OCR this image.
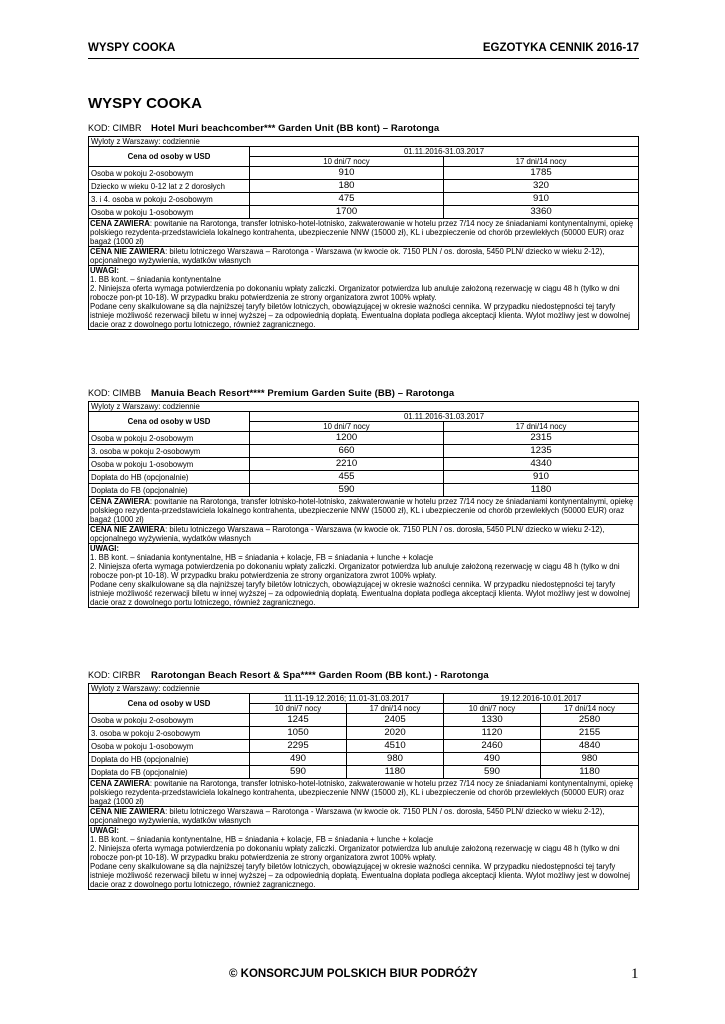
WYSPY COOKA	EGZOTYKA CENNIK 2016-17
WYSPY COOKA
KOD: CIMBR Hotel Muri beachcomber*** Garden Unit (BB kont) – Rarotonga
Wyloty z Warszawy: codziennie		
Cena od osoby w USD	01.11.2016-31.03.2017	
	10 dni/7 nocy	17 dni/14 nocy
Osoba w pokoju 2-osobowym	910	1785
Dziecko w wieku 0-12 lat z 2 dorosłych	180	320
3. i 4. osoba w pokoju 2-osobowym	475	910
Osoba w pokoju 1-osobowym	1700	3360
CENA ZAWIERA: powitanie na Rarotonga, transfer lotnisko-hotel-lotnisko, zakwaterowanie w hotelu przez 7/14 nocy ze śniadaniami kontynentalnymi, opiekę polskiego rezydenta-przedstawiciela lokalnego kontrahenta, ubezpieczenie NNW (15000 zł), KL i ubezpieczenie od chorób przewlekłych (50000 EUR) oraz bagaż (1000 zł)		
CENA NIE ZAWIERA: biletu lotniczego Warszawa – Rarotonga - Warszawa (w kwocie ok. 7150 PLN / os. dorosła, 5450 PLN/ dziecko w wieku 2-12), opcjonalnego wyżywienia, wydatków własnych		
UWAGI:
1. BB kont. – śniadania kontynentalne
2. Niniejsza oferta wymaga potwierdzenia po dokonaniu wpłaty zaliczki. Organizator potwierdza lub anuluje założoną rezerwację w ciągu 48 h (tylko w dni robocze pon-pt 10-18). W przypadku braku potwierdzenia ze strony organizatora zwrot 100% wpłaty.
Podane ceny skalkulowane są dla najniższej taryfy biletów lotniczych, obowiązującej w okresie ważności cennika. W przypadku niedostępności tej taryfy istnieje możliwość rezerwacji biletu w innej wyższej – za odpowiednią dopłatą. Ewentualna dopłata podlega akceptacji klienta. Wylot możliwy jest w dowolnej dacie oraz z dowolnego portu lotniczego, również zagranicznego.		
KOD: CIMBB Manuia Beach Resort**** Premium Garden Suite (BB) – Rarotonga
Wyloty z Warszawy: codziennie		
Cena od osoby w USD	01.11.2016-31.03.2017	
	10 dni/7 nocy	17 dni/14 nocy
Osoba w pokoju 2-osobowym	1200	2315
3. osoba w pokoju 2-osobowym	660	1235
Osoba w pokoju 1-osobowym	2210	4340
Dopłata do HB (opcjonalnie)	455	910
Dopłata do FB (opcjonalnie)	590	1180
CENA ZAWIERA: powitanie na Rarotonga, transfer lotnisko-hotel-lotnisko, zakwaterowanie w hotelu przez 7/14 nocy ze śniadaniami kontynentalnymi, opiekę polskiego rezydenta-przedstawiciela lokalnego kontrahenta, ubezpieczenie NNW (15000 zł), KL i ubezpieczenie od chorób przewlekłych (50000 EUR) oraz bagaż (1000 zł)		
CENA NIE ZAWIERA: biletu lotniczego Warszawa – Rarotonga - Warszawa (w kwocie ok. 7150 PLN / os. dorosła, 5450 PLN/ dziecko w wieku 2-12), opcjonalnego wyżywienia, wydatków własnych		
UWAGI:
1. BB kont. – śniadania kontynentalne, HB = śniadania + kolacje, FB = śniadania + lunche + kolacje
2. Niniejsza oferta wymaga potwierdzenia po dokonaniu wpłaty zaliczki. Organizator potwierdza lub anuluje założoną rezerwację w ciągu 48 h (tylko w dni robocze pon-pt 10-18). W przypadku braku potwierdzenia ze strony organizatora zwrot 100% wpłaty.
Podane ceny skalkulowane są dla najniższej taryfy biletów lotniczych, obowiązującej w okresie ważności cennika. W przypadku niedostępności tej taryfy istnieje możliwość rezerwacji biletu w innej wyższej – za odpowiednią dopłatą. Ewentualna dopłata podlega akceptacji klienta. Wylot możliwy jest w dowolnej dacie oraz z dowolnego portu lotniczego, również zagranicznego.		
KOD: CIRBR Rarotongan Beach Resort & Spa**** Garden Room (BB kont.) - Rarotonga
Wyloty z Warszawy: codziennie				
Cena od osoby w USD	11.11-19.12.2016; 11.01-31.03.2017		19.12.2016-10.01.2017	
	10 dni/7 nocy	17 dni/14 nocy	10 dni/7 nocy	17 dni/14 nocy
Osoba w pokoju 2-osobowym	1245	2405	1330	2580
3. osoba w pokoju 2-osobowym	1050	2020	1120	2155
Osoba w pokoju 1-osobowym	2295	4510	2460	4840
Dopłata do HB (opcjonalnie)	490	980	490	980
Dopłata do FB (opcjonalnie)	590	1180	590	1180
CENA ZAWIERA: powitanie na Rarotonga, transfer lotnisko-hotel-lotnisko, zakwaterowanie w hotelu przez 7/14 nocy ze śniadaniami kontynentalnymi, opiekę polskiego rezydenta-przedstawiciela lokalnego kontrahenta, ubezpieczenie NNW (15000 zł), KL i ubezpieczenie od chorób przewlekłych (50000 EUR) oraz bagaż (1000 zł)				
CENA NIE ZAWIERA: biletu lotniczego Warszawa – Rarotonga - Warszawa (w kwocie ok. 7150 PLN / os. dorosła, 5450 PLN/ dziecko w wieku 2-12), opcjonalnego wyżywienia, wydatków własnych				
UWAGI:
1. BB kont. – śniadania kontynentalne, HB = śniadania + kolacje, FB = śniadania + lunche + kolacje
2. Niniejsza oferta wymaga potwierdzenia po dokonaniu wpłaty zaliczki. Organizator potwierdza lub anuluje założoną rezerwację w ciągu 48 h (tylko w dni robocze pon-pt 10-18). W przypadku braku potwierdzenia ze strony organizatora zwrot 100% wpłaty.
Podane ceny skalkulowane są dla najniższej taryfy biletów lotniczych, obowiązującej w okresie ważności cennika. W przypadku niedostępności tej taryfy istnieje możliwość rezerwacji biletu w innej wyższej – za odpowiednią dopłatą. Ewentualna dopłata podlega akceptacji klienta. Wylot możliwy jest w dowolnej dacie oraz z dowolnego portu lotniczego, również zagranicznego.				
© KONSORCJUM POLSKICH BIUR PODRÓŻY	1
